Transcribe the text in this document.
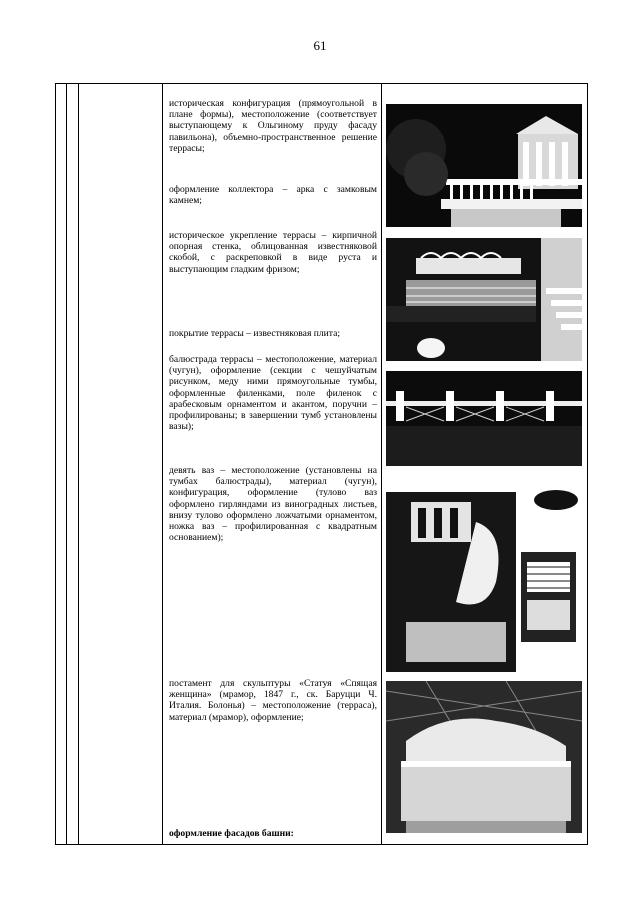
61
историческая конфигурация (прямоугольной в плане формы), местоположение (соответствует выступающему к Ольгиному пруду фасаду павильона), объемно-пространственное решение террасы;
оформление коллектора – арка с замковым камнем;
историческое укрепление террасы – кирпичной опорная стенка, облицованная известняковой скобой, с раскреповкой в виде руста и выступающим гладким фризом;
покрытие террасы – известняковая плита;
балюстрада террасы – местоположение, материал (чугун), оформление (секции с чешуйчатым рисунком, меду ними прямоугольные тумбы, оформленные филенками, поле филенок с арабесковым орнаментом и акантом, поручни – профилированы; в завершении тумб установлены вазы);
девять ваз – местоположение (установлены на тумбах балюстрады), материал (чугун), конфигурация, оформление (тулово ваз оформлено гирляндами из виноградных листьев, внизу тулово оформлено ложчатыми орнаментом, ножка ваз – профилированная с квадратным основанием);
постамент для скульптуры «Статуя «Спящая женщина» (мрамор, 1847 г., ск. Баруцци Ч. Италия. Болонья) – местоположение (терраса), материал (мрамор), оформление;
оформление фасадов башни:
